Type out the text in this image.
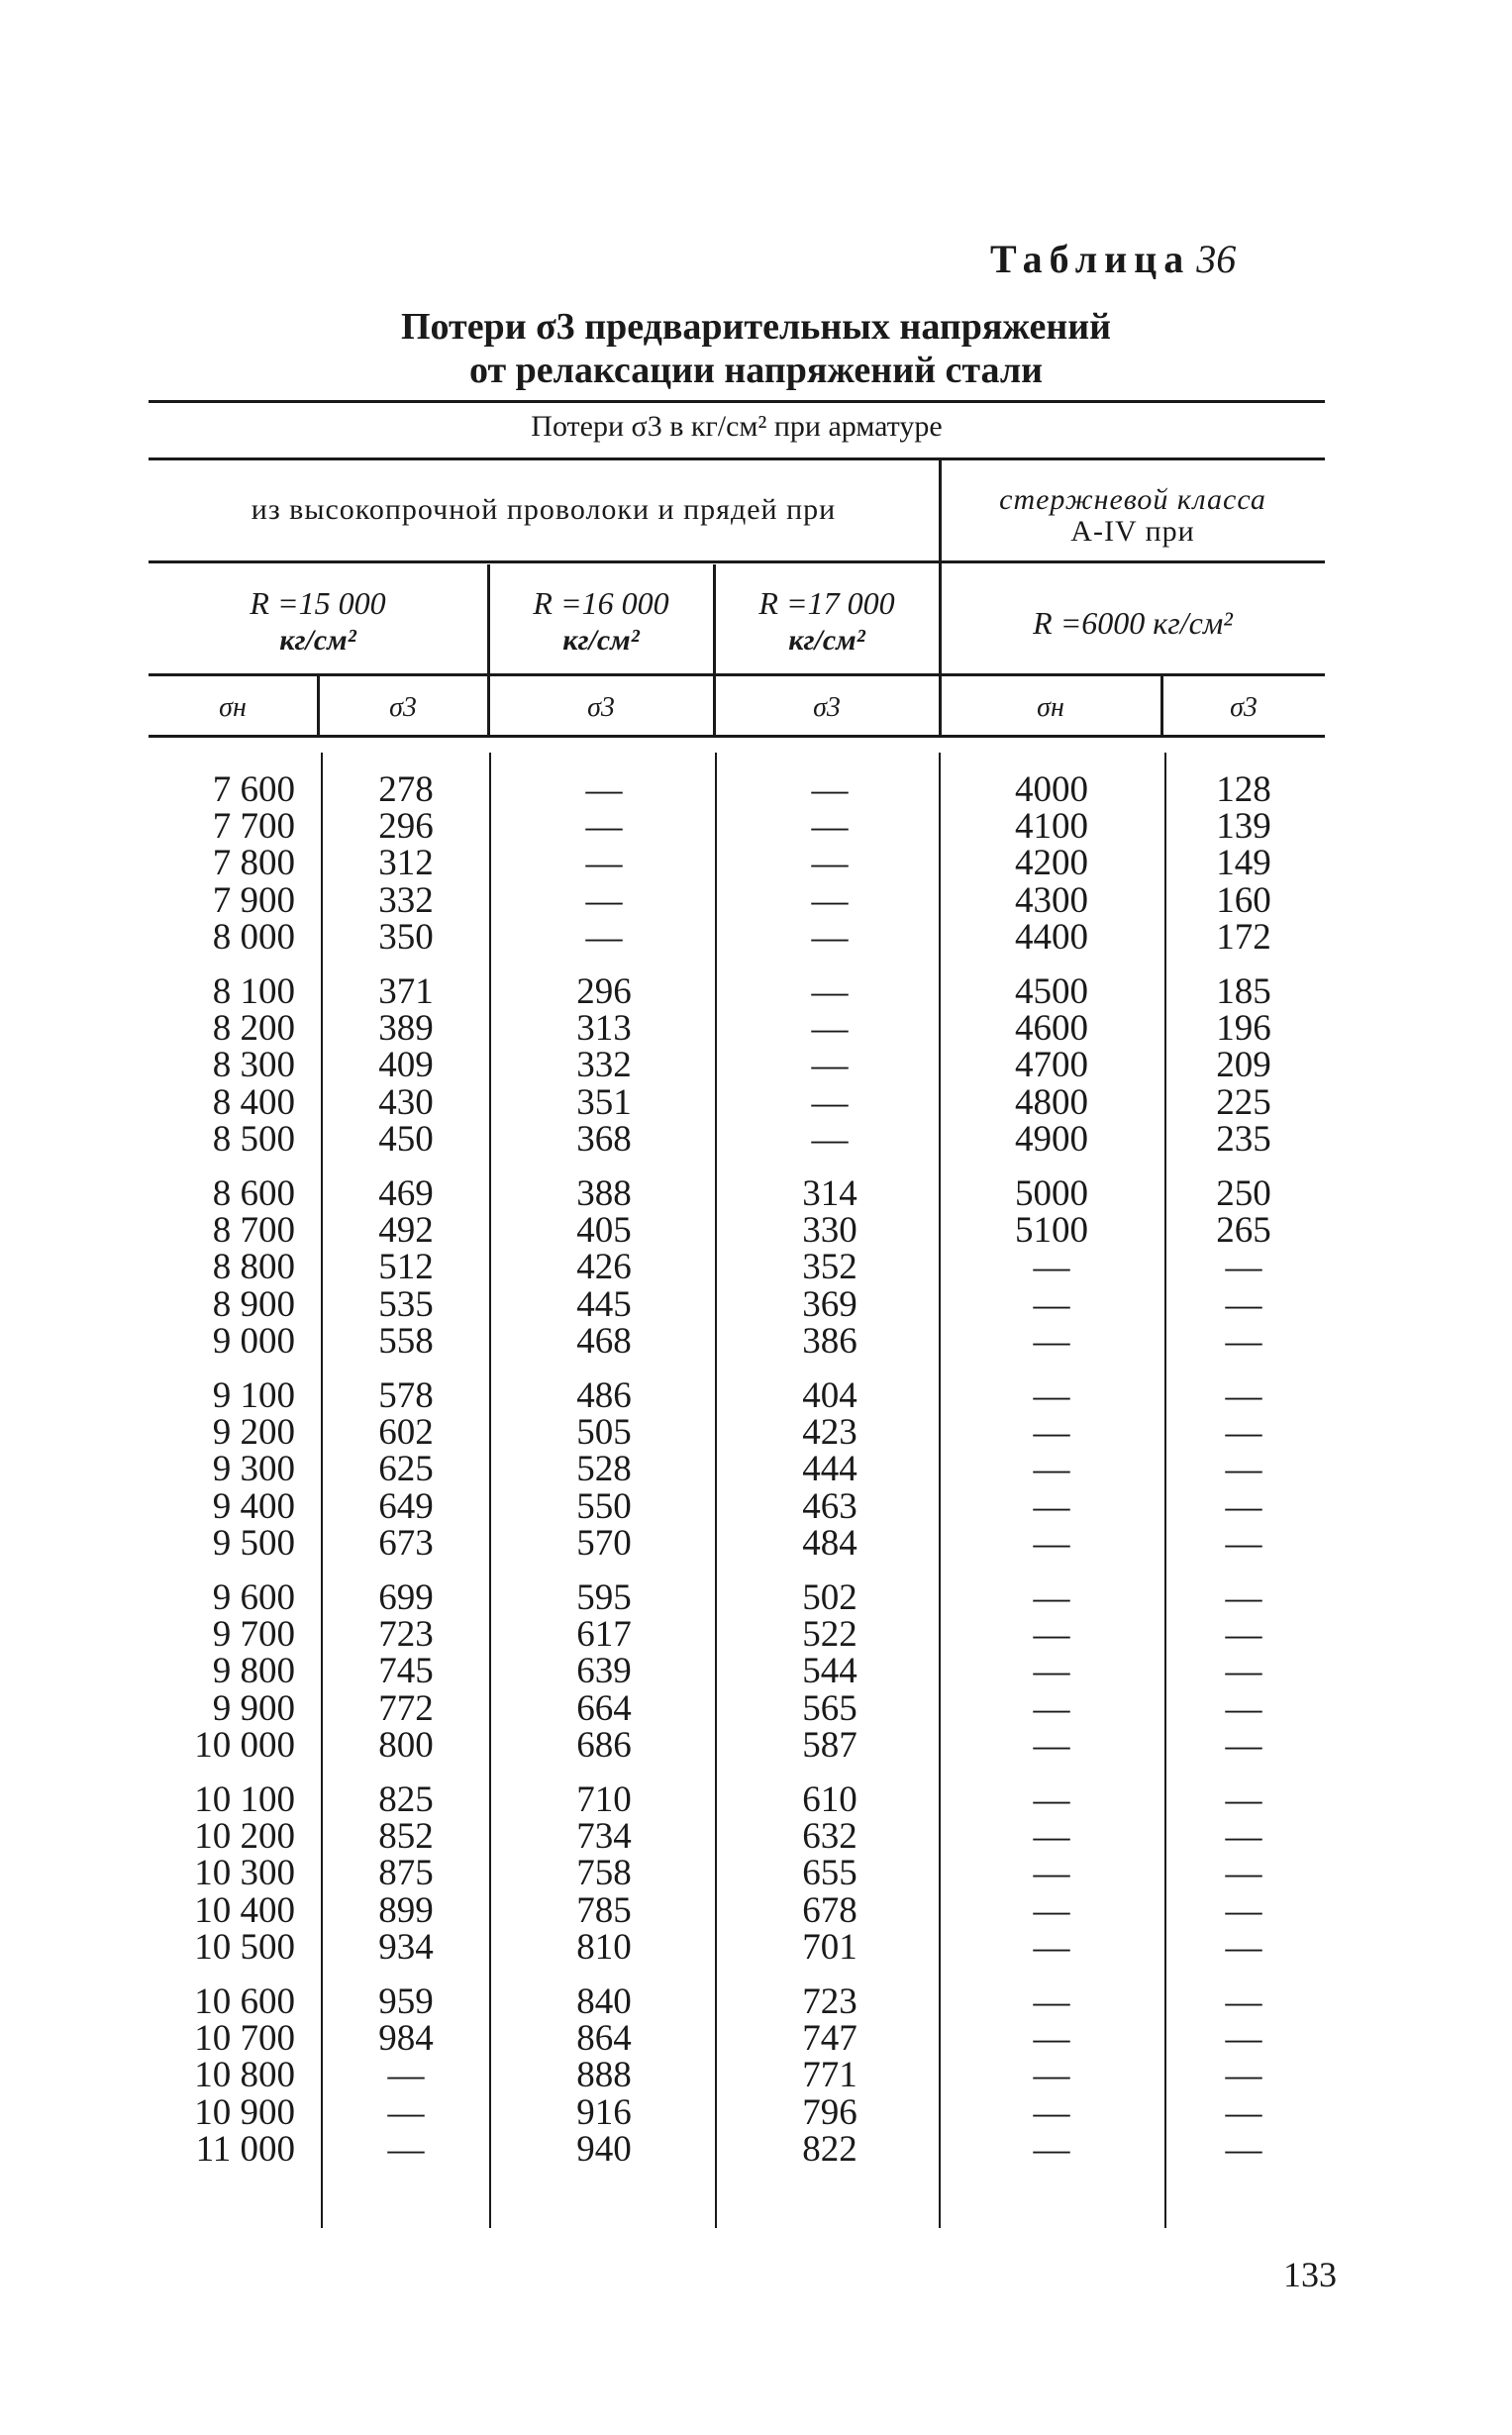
Таблица 36
Потери σ3 предварительных напряжений
от релаксации напряжений стали
Потери σ3 в кг/см² при арматуре
из высокопрочной проволоки и прядей при	стержневой класса
А-IV при
R =15 000
кг/см²
R =16 000
кг/см²
R =17 000
кг/см²	R =6000 кг/см²
σн	σ3	σ3	σ3	σн	σ3
7 600	278	—	—	4000	128
7 700	296	—	—	4100	139
7 800	312	—	—	4200	149
7 900	332	—	—	4300	160
8 000	350	—	—	4400	172
8 100	371	296	—	4500	185
8 200	389	313	—	4600	196
8 300	409	332	—	4700	209
8 400	430	351	—	4800	225
8 500	450	368	—	4900	235
8 600	469	388	314	5000	250
8 700	492	405	330	5100	265
8 800	512	426	352	—	—
8 900	535	445	369	—	—
9 000	558	468	386	—	—
9 100	578	486	404	—	—
9 200	602	505	423	—	—
9 300	625	528	444	—	—
9 400	649	550	463	—	—
9 500	673	570	484	—	—
9 600	699	595	502	—	—
9 700	723	617	522	—	—
9 800	745	639	544	—	—
9 900	772	664	565	—	—
10 000	800	686	587	—	—
10 100	825	710	610	—	—
10 200	852	734	632	—	—
10 300	875	758	655	—	—
10 400	899	785	678	—	—
10 500	934	810	701	—	—
10 600	959	840	723	—	—
10 700	984	864	747	—	—
10 800	—	888	771	—	—
10 900	—	916	796	—	—
11 000	—	940	822	—	—
133
